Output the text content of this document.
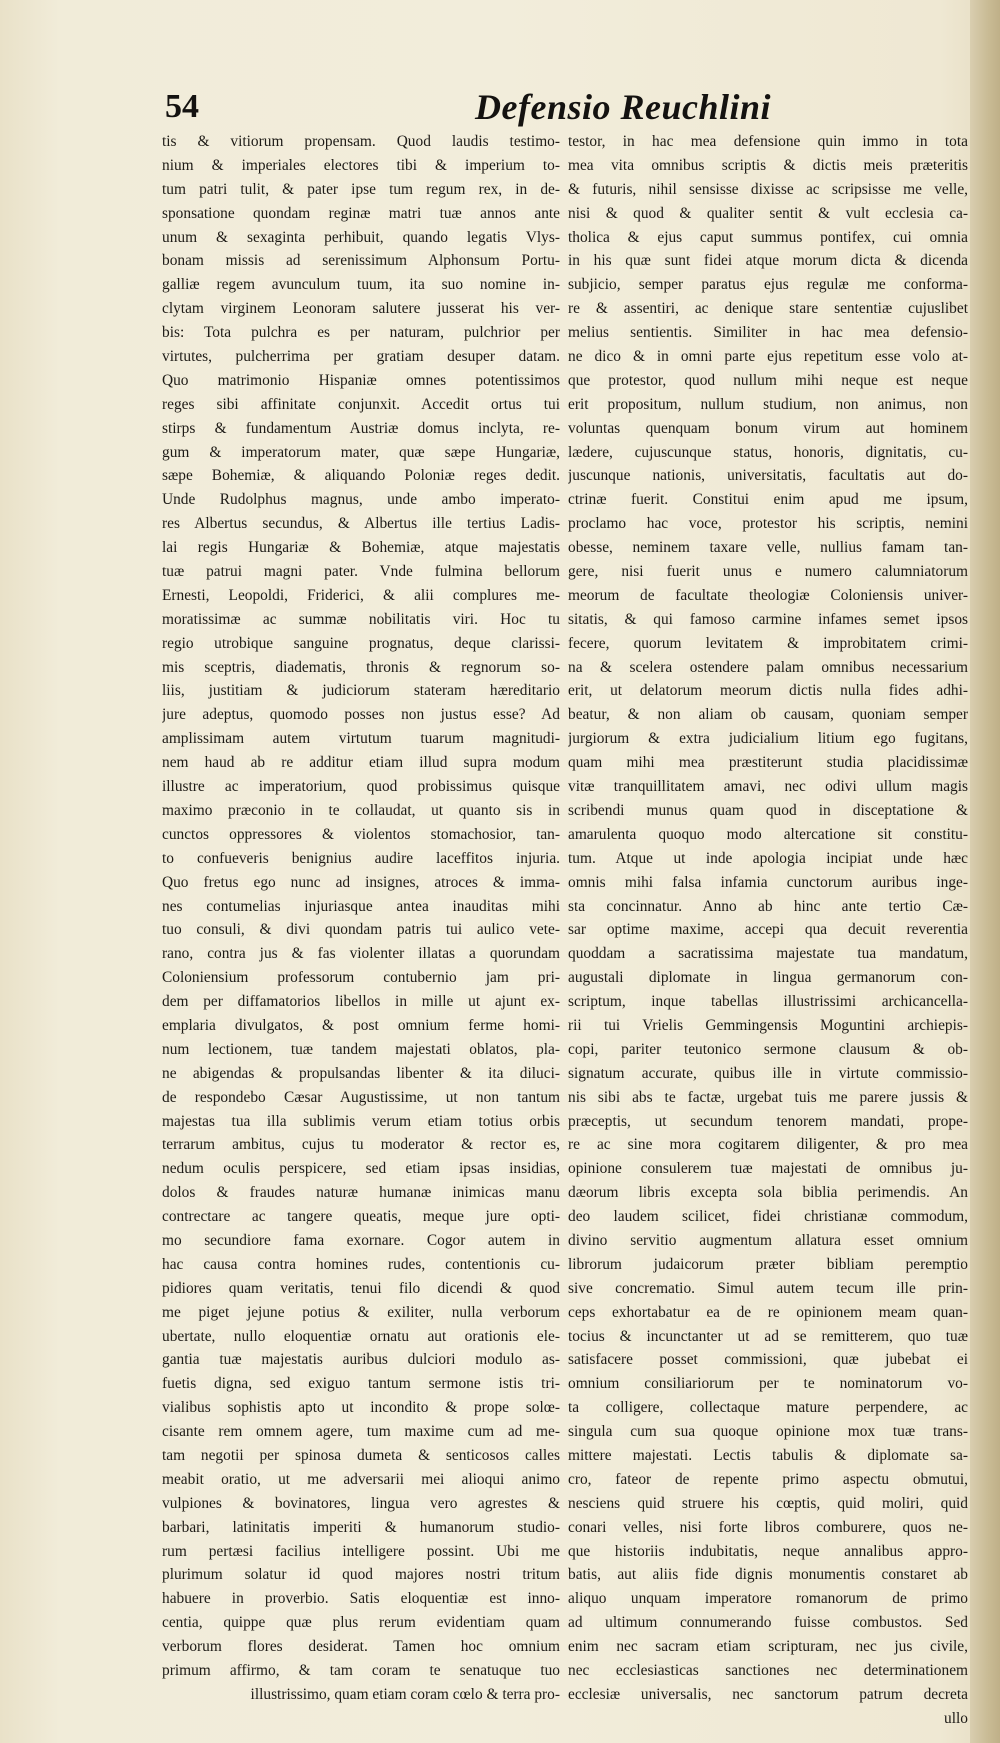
54	Defensio Reuchlini
tis & vitiorum propensam. Quod laudis testimo-
nium & imperiales electores tibi & imperium to-
tum patri tulit, & pater ipse tum regum rex, in de-
sponsatione quondam reginæ matri tuæ annos ante
unum & sexaginta perhibuit, quando legatis Vlys-
bonam missis ad serenissimum Alphonsum Portu-
galliæ regem avunculum tuum, ita suo nomine in-
clytam virginem Leonoram salutere jusserat his ver-
bis: Tota pulchra es per naturam, pulchrior per
virtutes, pulcherrima per gratiam desuper datam.
Quo matrimonio Hispaniæ omnes potentissimos
reges sibi affinitate conjunxit. Accedit ortus tui
stirps & fundamentum Austriæ domus inclyta, re-
gum & imperatorum mater, quæ sæpe Hungariæ,
sæpe Bohemiæ, & aliquando Poloniæ reges dedit.
Unde Rudolphus magnus, unde ambo imperato-
res Albertus secundus, & Albertus ille tertius Ladis-
lai regis Hungariæ & Bohemiæ, atque majestatis
tuæ patrui magni pater. Vnde fulmina bellorum
Ernesti, Leopoldi, Friderici, & alii complures me-
moratissimæ ac summæ nobilitatis viri. Hoc tu
regio utrobique sanguine prognatus, deque clarissi-
mis sceptris, diadematis, thronis & regnorum so-
liis, justitiam & judiciorum stateram hæreditario
jure adeptus, quomodo posses non justus esse? Ad
amplissimam autem virtutum tuarum magnitudi-
nem haud ab re additur etiam illud supra modum
illustre ac imperatorium, quod probissimus quisque
maximo præconio in te collaudat, ut quanto sis in
cunctos oppressores & violentos stomachosior, tan-
to confueveris benignius audire laceffitos injuria.
Quo fretus ego nunc ad insignes, atroces & imma-
nes contumelias injuriasque antea inauditas mihi
tuo consuli, & divi quondam patris tui aulico vete-
rano, contra jus & fas violenter illatas a quorundam
Coloniensium professorum contubernio jam pri-
dem per diffamatorios libellos in mille ut ajunt ex-
emplaria divulgatos, & post omnium ferme homi-
num lectionem, tuæ tandem majestati oblatos, pla-
ne abigendas & propulsandas libenter & ita diluci-
de respondebo Cæsar Augustissime, ut non tantum
majestas tua illa sublimis verum etiam totius orbis
terrarum ambitus, cujus tu moderator & rector es,
nedum oculis perspicere, sed etiam ipsas insidias,
dolos & fraudes naturæ humanæ inimicas manu
contrectare ac tangere queatis, meque jure opti-
mo secundiore fama exornare. Cogor autem in
hac causa contra homines rudes, contentionis cu-
pidiores quam veritatis, tenui filo dicendi & quod
me piget jejune potius & exiliter, nulla verborum
ubertate, nullo eloquentiæ ornatu aut orationis ele-
gantia tuæ majestatis auribus dulciori modulo as-
fuetis digna, sed exiguo tantum sermone istis tri-
vialibus sophistis apto ut incondito & prope solœ-
cisante rem omnem agere, tum maxime cum ad me-
tam negotii per spinosa dumeta & senticosos calles
meabit oratio, ut me adversarii mei alioqui animo
vulpiones & bovinatores, lingua vero agrestes &
barbari, latinitatis imperiti & humanorum studio-
rum pertæsi facilius intelligere possint. Ubi me
plurimum solatur id quod majores nostri tritum
habuere in proverbio. Satis eloquentiæ est inno-
centia, quippe quæ plus rerum evidentiam quam
verborum flores desiderat. Tamen hoc omnium
primum affirmo, & tam coram te senatuque tuo
illustrissimo, quam etiam coram cœlo & terra pro-
testor, in hac mea defensione quin immo in tota
mea vita omnibus scriptis & dictis meis præteritis
& futuris, nihil sensisse dixisse ac scripsisse me velle,
nisi & quod & qualiter sentit & vult ecclesia ca-
tholica & ejus caput summus pontifex, cui omnia
in his quæ sunt fidei atque morum dicta & dicenda
subjicio, semper paratus ejus regulæ me conforma-
re & assentiri, ac denique stare sententiæ cujuslibet
melius sentientis. Similiter in hac mea defensio-
ne dico & in omni parte ejus repetitum esse volo at-
que protestor, quod nullum mihi neque est neque
erit propositum, nullum studium, non animus, non
voluntas quenquam bonum virum aut hominem
lædere, cujuscunque status, honoris, dignitatis, cu-
juscunque nationis, universitatis, facultatis aut do-
ctrinæ fuerit. Constitui enim apud me ipsum,
proclamo hac voce, protestor his scriptis, nemini
obesse, neminem taxare velle, nullius famam tan-
gere, nisi fuerit unus e numero calumniatorum
meorum de facultate theologiæ Coloniensis univer-
sitatis, & qui famoso carmine infames semet ipsos
fecere, quorum levitatem & improbitatem crimi-
na & scelera ostendere palam omnibus necessarium
erit, ut delatorum meorum dictis nulla fides adhi-
beatur, & non aliam ob causam, quoniam semper
jurgiorum & extra judicialium litium ego fugitans,
quam mihi mea præstiterunt studia placidissimæ
vitæ tranquillitatem amavi, nec odivi ullum magis
scribendi munus quam quod in disceptatione &
amarulenta quoquo modo altercatione sit constitu-
tum. Atque ut inde apologia incipiat unde hæc
omnis mihi falsa infamia cunctorum auribus inge-
sta concinnatur. Anno ab hinc ante tertio Cæ-
sar optime maxime, accepi qua decuit reverentia
quoddam a sacratissima majestate tua mandatum,
augustali diplomate in lingua germanorum con-
scriptum, inque tabellas illustrissimi archicancella-
rii tui Vrielis Gemmingensis Moguntini archiepis-
copi, pariter teutonico sermone clausum & ob-
signatum accurate, quibus ille in virtute commissio-
nis sibi abs te factæ, urgebat tuis me parere jussis &
præceptis, ut secundum tenorem mandati, prope-
re ac sine mora cogitarem diligenter, & pro mea
opinione consulerem tuæ majestati de omnibus ju-
dæorum libris excepta sola biblia perimendis. An
deo laudem scilicet, fidei christianæ commodum,
divino servitio augmentum allatura esset omnium
librorum judaicorum præter bibliam peremptio
sive concrematio. Simul autem tecum ille prin-
ceps exhortabatur ea de re opinionem meam quan-
tocius & incunctanter ut ad se remitterem, quo tuæ
satisfacere posset commissioni, quæ jubebat ei
omnium consiliariorum per te nominatorum vo-
ta colligere, collectaque mature perpendere, ac
singula cum sua quoque opinione mox tuæ trans-
mittere majestati. Lectis tabulis & diplomate sa-
cro, fateor de repente primo aspectu obmutui,
nesciens quid struere his cœptis, quid moliri, quid
conari velles, nisi forte libros comburere, quos ne-
que historiis indubitatis, neque annalibus appro-
batis, aut aliis fide dignis monumentis constaret ab
aliquo unquam imperatore romanorum de primo
ad ultimum connumerando fuisse combustos. Sed
enim nec sacram etiam scripturam, nec jus civile,
nec ecclesiasticas sanctiones nec determinationem
ecclesiæ universalis, nec sanctorum patrum decreta
ullo
